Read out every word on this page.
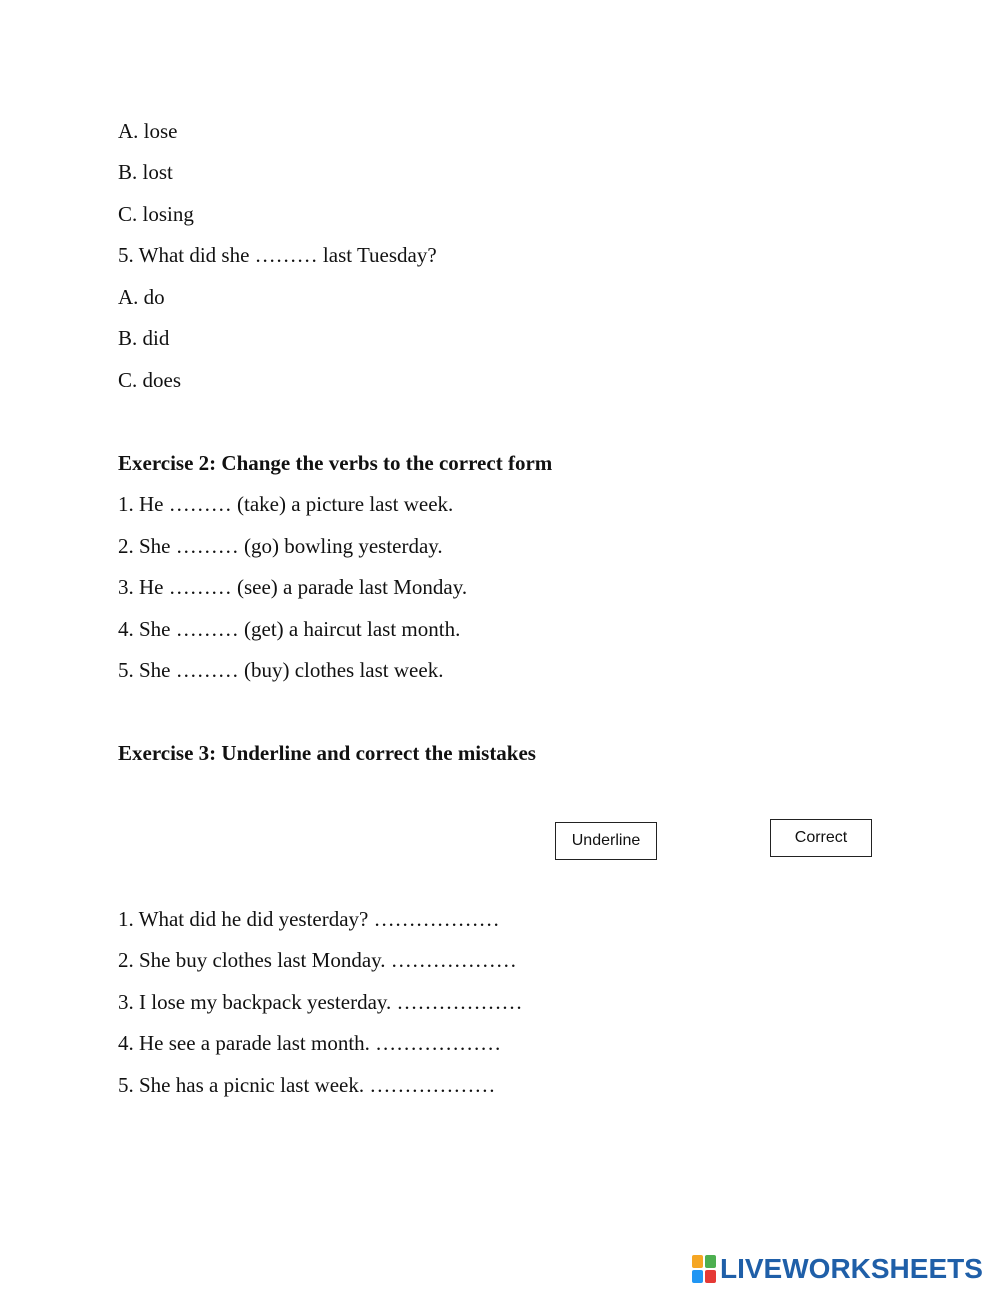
A. lose
B. lost
C. losing
5. What did she ……… last Tuesday?
A. do
B. did
C. does
Exercise 2: Change the verbs to the correct form
1. He ……… (take) a picture last week.
2. She ……… (go) bowling yesterday.
3. He ……… (see) a parade last Monday.
4. She ……… (get) a haircut last month.
5. She ……… (buy) clothes last week.
Exercise 3: Underline and correct the mistakes
Underline	Correct
1. What did he did yesterday? ………………
2. She buy clothes last Monday. ………………
3. I lose my backpack yesterday. ………………
4. He see a parade last month. ………………
5. She has a picnic last week. ………………
LIVEWORKSHEETS
